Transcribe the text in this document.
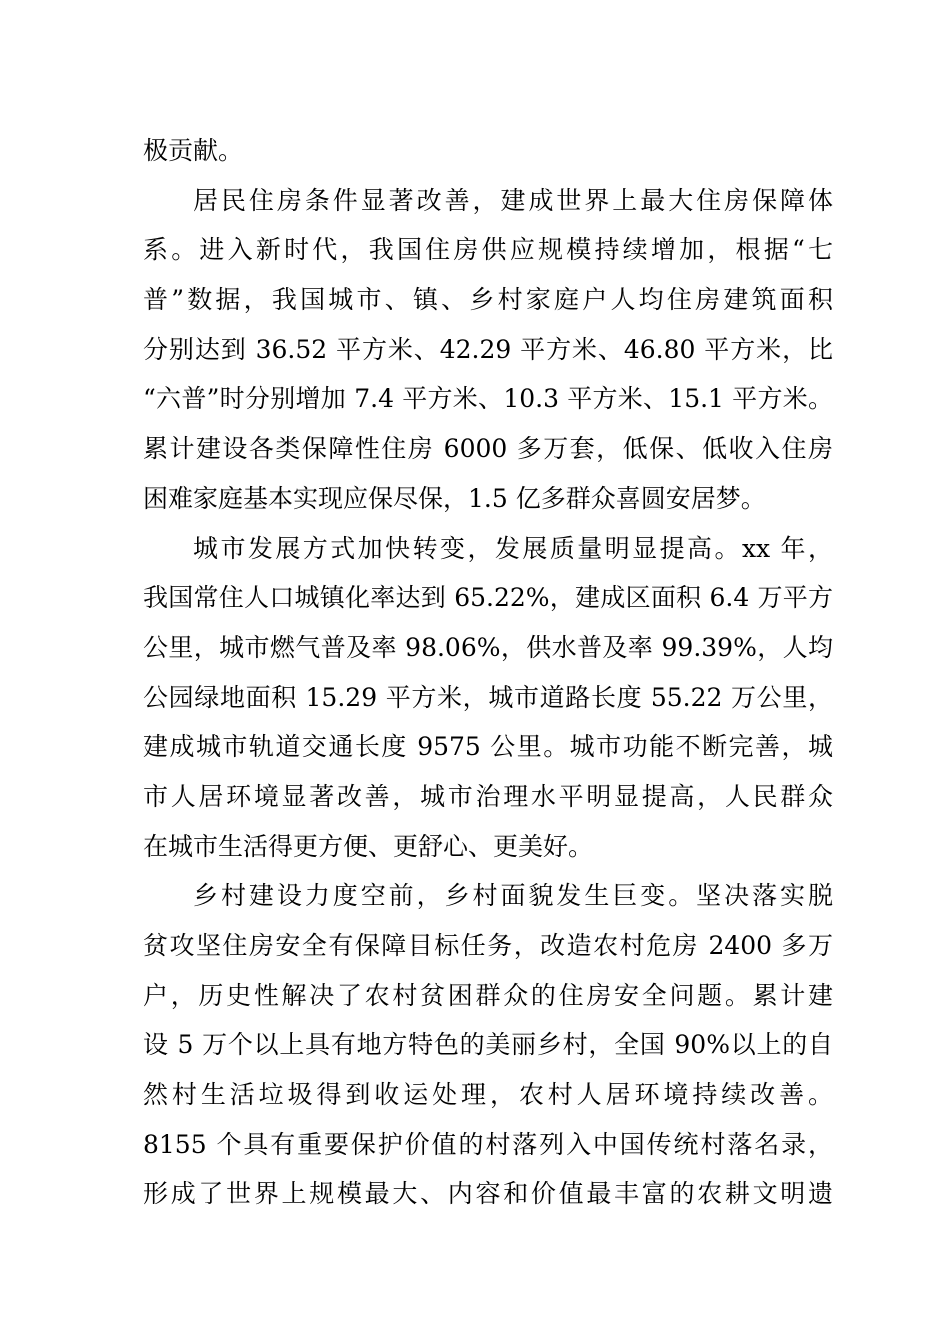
极贡献。
居民住房条件显著改善，建成世界上最大住房保障体
系。进入新时代，我国住房供应规模持续增加，根据“七
普”数据，我国城市、镇、乡村家庭户人均住房建筑面积
分别达到 36.52 平方米、42.29 平方米、46.80 平方米，比
“六普”时分别增加 7.4 平方米、10.3 平方米、15.1 平方米。
累计建设各类保障性住房 6000 多万套，低保、低收入住房
困难家庭基本实现应保尽保，1.5 亿多群众喜圆安居梦。
城市发展方式加快转变，发展质量明显提高。xx 年，
我国常住人口城镇化率达到 65.22%，建成区面积 6.4 万平方
公里，城市燃气普及率 98.06%，供水普及率 99.39%，人均
公园绿地面积 15.29 平方米，城市道路长度 55.22 万公里，
建成城市轨道交通长度 9575 公里。城市功能不断完善，城
市人居环境显著改善，城市治理水平明显提高，人民群众
在城市生活得更方便、更舒心、更美好。
乡村建设力度空前，乡村面貌发生巨变。坚决落实脱
贫攻坚住房安全有保障目标任务，改造农村危房 2400 多万
户，历史性解决了农村贫困群众的住房安全问题。累计建
设 5 万个以上具有地方特色的美丽乡村，全国 90%以上的自
然村生活垃圾得到收运处理，农村人居环境持续改善。
8155 个具有重要保护价值的村落列入中国传统村落名录，
形成了世界上规模最大、内容和价值最丰富的农耕文明遗
